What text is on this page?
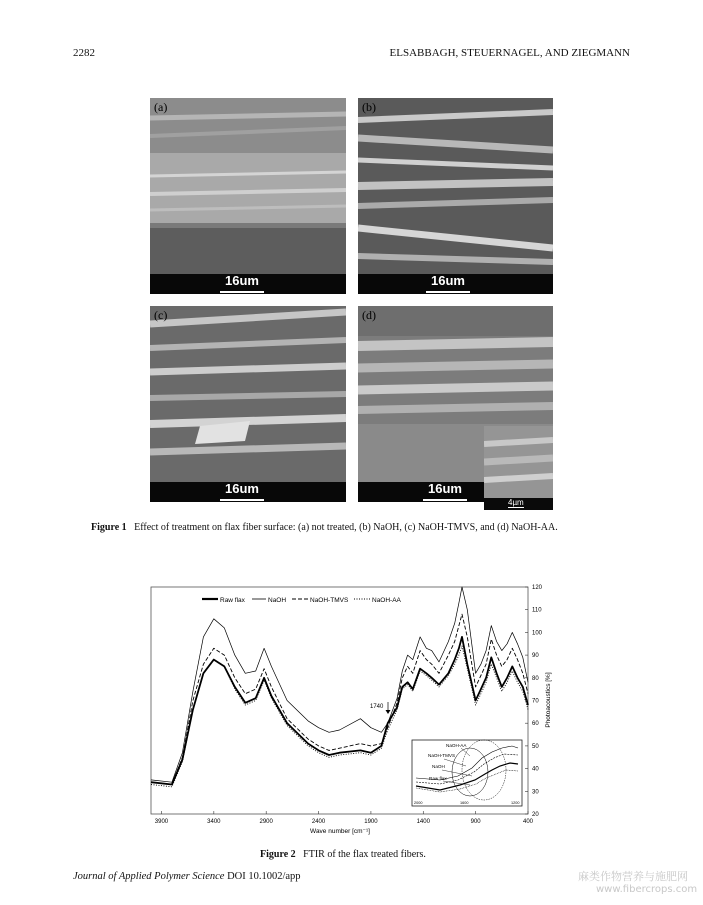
2282	ELSABBAGH, STEUERNAGEL, AND ZIEGMANN
(a)
16um
(b)
16um
(c)
16um
(d)
16um
4µm
Figure 1 Effect of treatment on flax fiber surface: (a) not treated, (b) NaOH, (c) NaOH-TMVS, and (d) NaOH-AA.
3900	3400	2900	2400	1900	1400	900	400
20
30
40
50
60
70
80
90
100
110
120
Raw flax	NaOH	NaOH-TMVS	NaOH-AA
1740
NaOH-AA
NaOH-TMVS
NaOH
Raw flax
2000	1600	1200
Wave number [cm⁻¹]
Photoacoustics [%]
Figure 2 FTIR of the flax treated fibers.
Journal of Applied Polymer Science DOI 10.1002/app	麻类作物营养与施肥网
www.fibercrops.com
